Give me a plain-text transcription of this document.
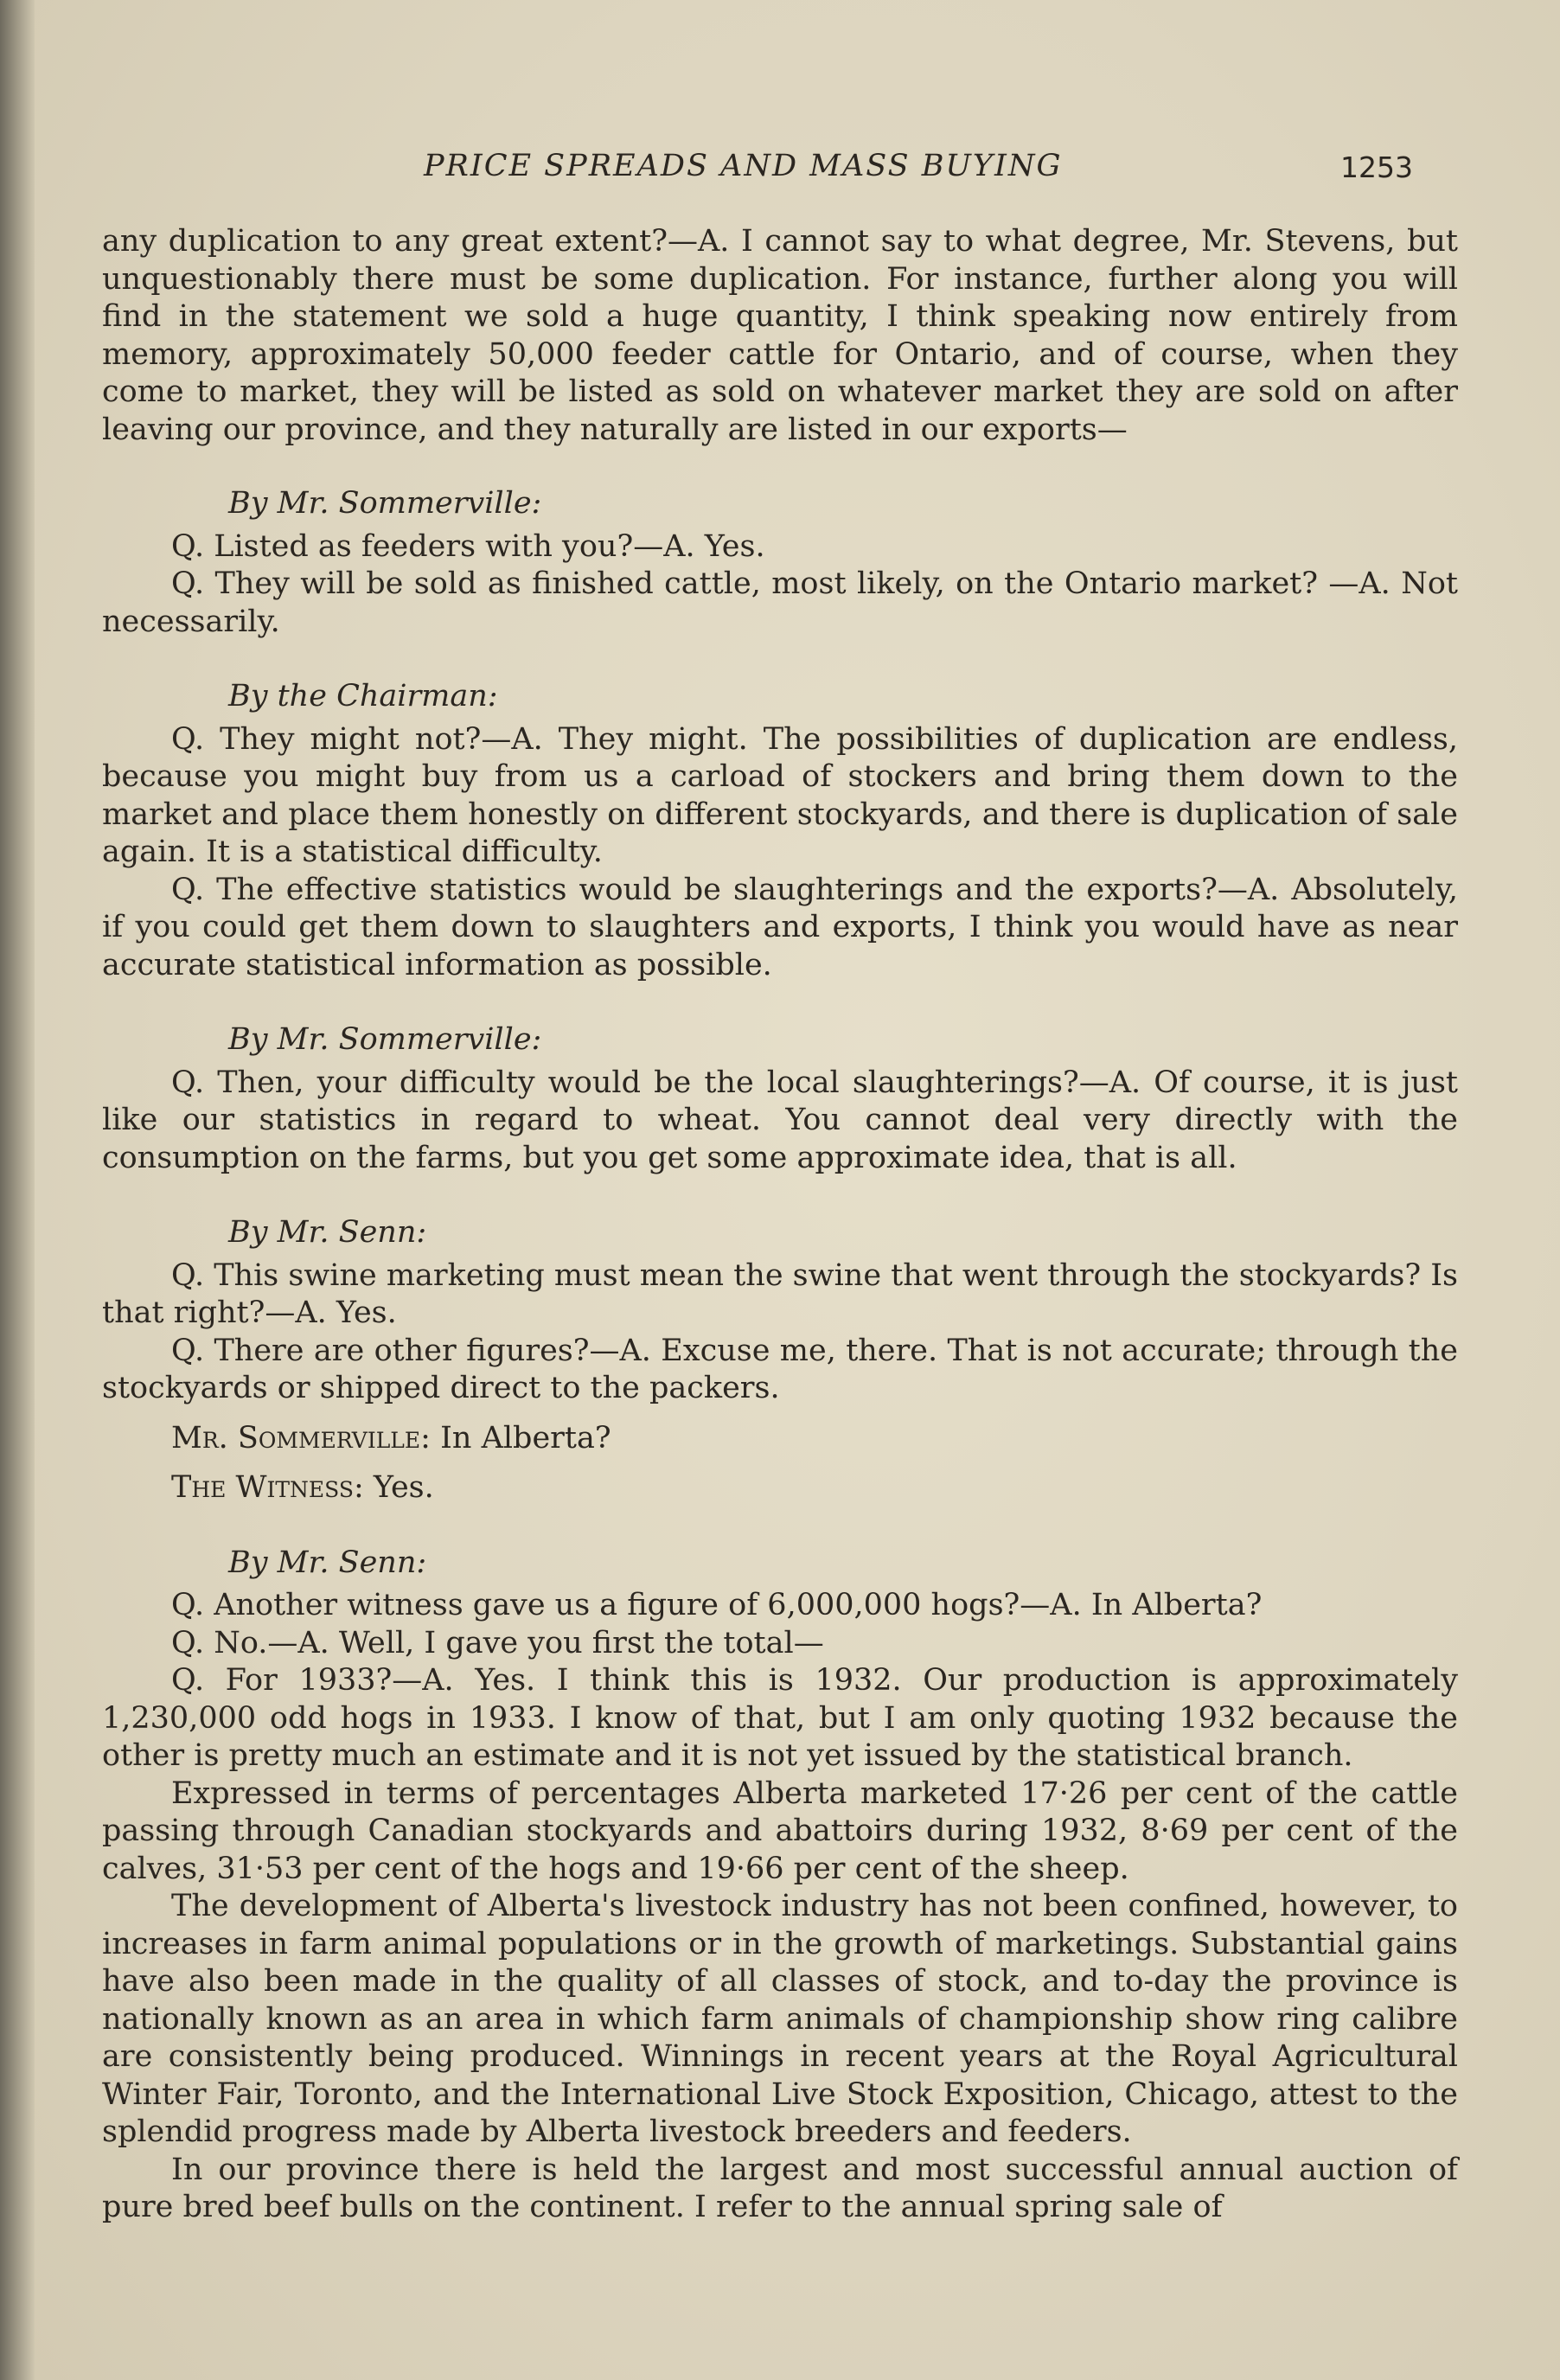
PRICE SPREADS AND MASS BUYING	1253

any duplication to any great extent?—A. I cannot say to what degree, Mr. Stevens, but unquestionably there must be some duplication. For instance, further along you will find in the statement we sold a huge quantity, I think speaking now entirely from memory, approximately 50,000 feeder cattle for Ontario, and of course, when they come to market, they will be listed as sold on whatever market they are sold on after leaving our province, and they naturally are listed in our exports—

By Mr. Sommerville:

Q. Listed as feeders with you?—A. Yes.

Q. They will be sold as finished cattle, most likely, on the Ontario market? —A. Not necessarily.

By the Chairman:

Q. They might not?—A. They might. The possibilities of duplication are endless, because you might buy from us a carload of stockers and bring them down to the market and place them honestly on different stockyards, and there is duplication of sale again. It is a statistical difficulty.

Q. The effective statistics would be slaughterings and the exports?—A. Absolutely, if you could get them down to slaughters and exports, I think you would have as near accurate statistical information as possible.

By Mr. Sommerville:

Q. Then, your difficulty would be the local slaughterings?—A. Of course, it is just like our statistics in regard to wheat. You cannot deal very directly with the consumption on the farms, but you get some approximate idea, that is all.

By Mr. Senn:

Q. This swine marketing must mean the swine that went through the stockyards? Is that right?—A. Yes.

Q. There are other figures?—A. Excuse me, there. That is not accurate; through the stockyards or shipped direct to the packers.

Mr. Sommerville: In Alberta?

The Witness: Yes.

By Mr. Senn:

Q. Another witness gave us a figure of 6,000,000 hogs?—A. In Alberta?

Q. No.—A. Well, I gave you first the total—

Q. For 1933?—A. Yes. I think this is 1932. Our production is approximately 1,230,000 odd hogs in 1933. I know of that, but I am only quoting 1932 because the other is pretty much an estimate and it is not yet issued by the statistical branch.

Expressed in terms of percentages Alberta marketed 17·26 per cent of the cattle passing through Canadian stockyards and abattoirs during 1932, 8·69 per cent of the calves, 31·53 per cent of the hogs and 19·66 per cent of the sheep.

The development of Alberta's livestock industry has not been confined, however, to increases in farm animal populations or in the growth of marketings. Substantial gains have also been made in the quality of all classes of stock, and to-day the province is nationally known as an area in which farm animals of championship show ring calibre are consistently being produced. Winnings in recent years at the Royal Agricultural Winter Fair, Toronto, and the International Live Stock Exposition, Chicago, attest to the splendid progress made by Alberta livestock breeders and feeders.

In our province there is held the largest and most successful annual auction of pure bred beef bulls on the continent. I refer to the annual spring sale of
